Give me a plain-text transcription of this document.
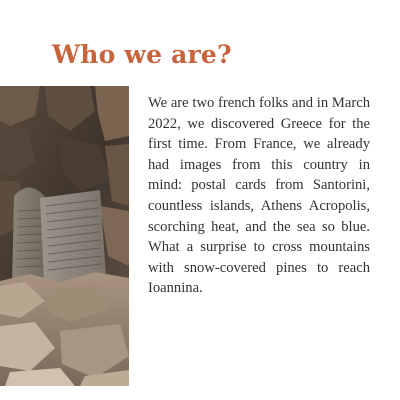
Who we are?

We are two french folks and in March 2022, we discovered Greece for the first time. From France, we already had images from this country in mind: postal cards from Santorini, countless islands, Athens Acropolis, scorching heat, and the sea so blue. What a surprise to cross mountains with snow-covered pines to reach Ioannina.
